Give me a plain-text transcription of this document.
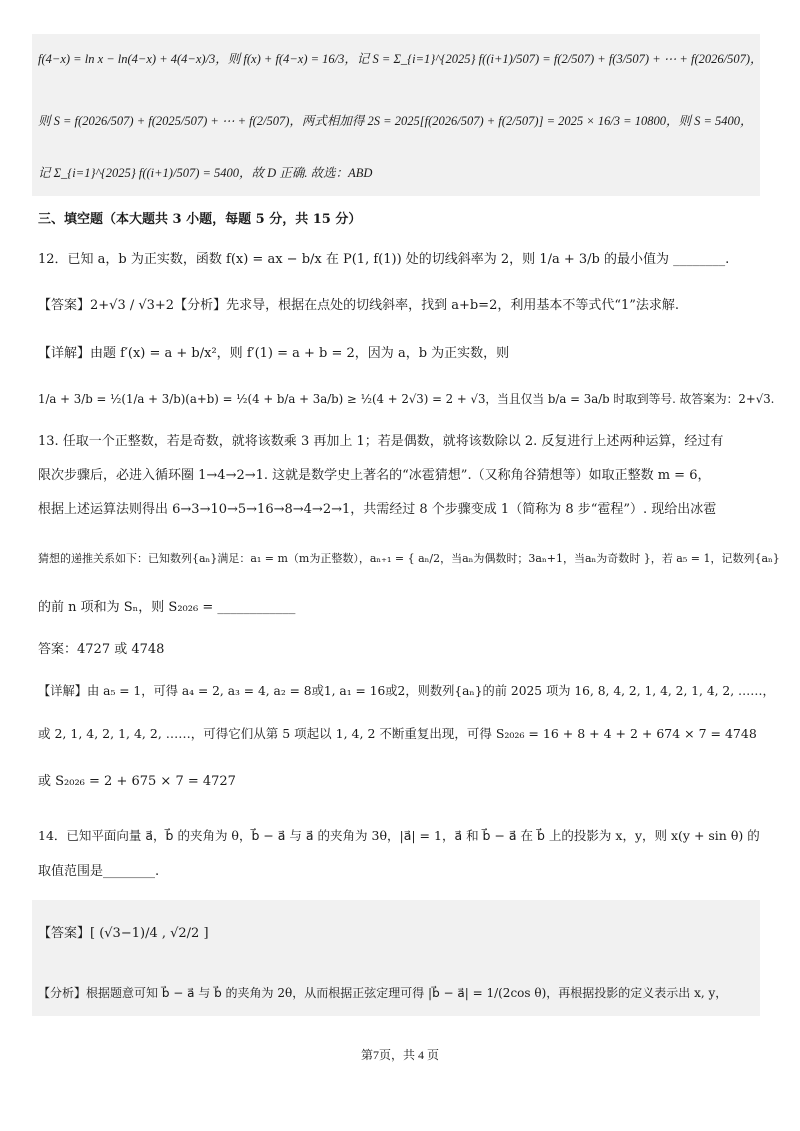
f(4−x) = ln x − ln(4−x) + 4(4−x)/3，则 f(x) + f(4−x) = 16/3，记 S = Σ_{i=1}^{2025} f((i+1)/507) = f(2/507) + f(3/507) + ⋯ + f(2026/507)，
则 S = f(2026/507) + f(2025/507) + ⋯ + f(2/507)，两式相加得 2S = 2025[f(2026/507) + f(2/507)] = 2025 × 16/3 = 10800，则 S = 5400，
记 Σ_{i=1}^{2025} f((i+1)/507) = 5400，故 D 正确. 故选：ABD
三、填空题（本大题共 3 小题，每题 5 分，共 15 分）
12．已知 a，b 为正实数，函数 f(x) = ax − b/x 在 P(1, f(1)) 处的切线斜率为 2，则 1/a + 3/b 的最小值为 ________.
【答案】2+√3 / √3+2【分析】先求导，根据在点处的切线斜率，找到 a+b=2，利用基本不等式代“1”法求解.
【详解】由题 f′(x) = a + b/x²，则 f′(1) = a + b = 2，因为 a，b 为正实数，则
1/a + 3/b = ½(1/a + 3/b)(a+b) = ½(4 + b/a + 3a/b) ≥ ½(4 + 2√3) = 2 + √3，当且仅当 b/a = 3a/b 时取到等号. 故答案为：2+√3.
13. 任取一个正整数，若是奇数，就将该数乘 3 再加上 1；若是偶数，就将该数除以 2. 反复进行上述两种运算，经过有
限次步骤后，必进入循环圈 1→4→2→1. 这就是数学史上著名的“冰雹猜想”.（又称角谷猜想等）如取正整数 m = 6，
根据上述运算法则得出 6→3→10→5→16→8→4→2→1，共需经过 8 个步骤变成 1（简称为 8 步“雹程”）. 现给出冰雹
猜想的递推关系如下：已知数列{aₙ}满足：a₁ = m（m为正整数），aₙ₊₁ = { aₙ/2，当aₙ为偶数时；3aₙ+1，当aₙ为奇数时 }，若 a₅ = 1，记数列{aₙ}
的前 n 项和为 Sₙ，则 S₂₀₂₆ = ____________
答案：4727 或 4748
【详解】由 a₅ = 1，可得 a₄ = 2, a₃ = 4, a₂ = 8或1, a₁ = 16或2，则数列{aₙ}的前 2025 项为 16, 8, 4, 2, 1, 4, 2, 1, 4, 2, ……，
或 2, 1, 4, 2, 1, 4, 2, ……，可得它们从第 5 项起以 1, 4, 2 不断重复出现，可得 S₂₀₂₆ = 16 + 8 + 4 + 2 + 674 × 7 = 4748
或 S₂₀₂₆ = 2 + 675 × 7 = 4727
14．已知平面向量 a⃗，b⃗ 的夹角为 θ，b⃗ − a⃗ 与 a⃗ 的夹角为 3θ，|a⃗| = 1，a⃗ 和 b⃗ − a⃗ 在 b⃗ 上的投影为 x，y，则 x(y + sin θ) 的
取值范围是________.
【答案】[ (√3−1)/4 , √2/2 ]
【分析】根据题意可知 b⃗ − a⃗ 与 b⃗ 的夹角为 2θ，从而根据正弦定理可得 |b⃗ − a⃗| = 1/(2cos θ)，再根据投影的定义表示出 x, y，
第7页，共 4 页
